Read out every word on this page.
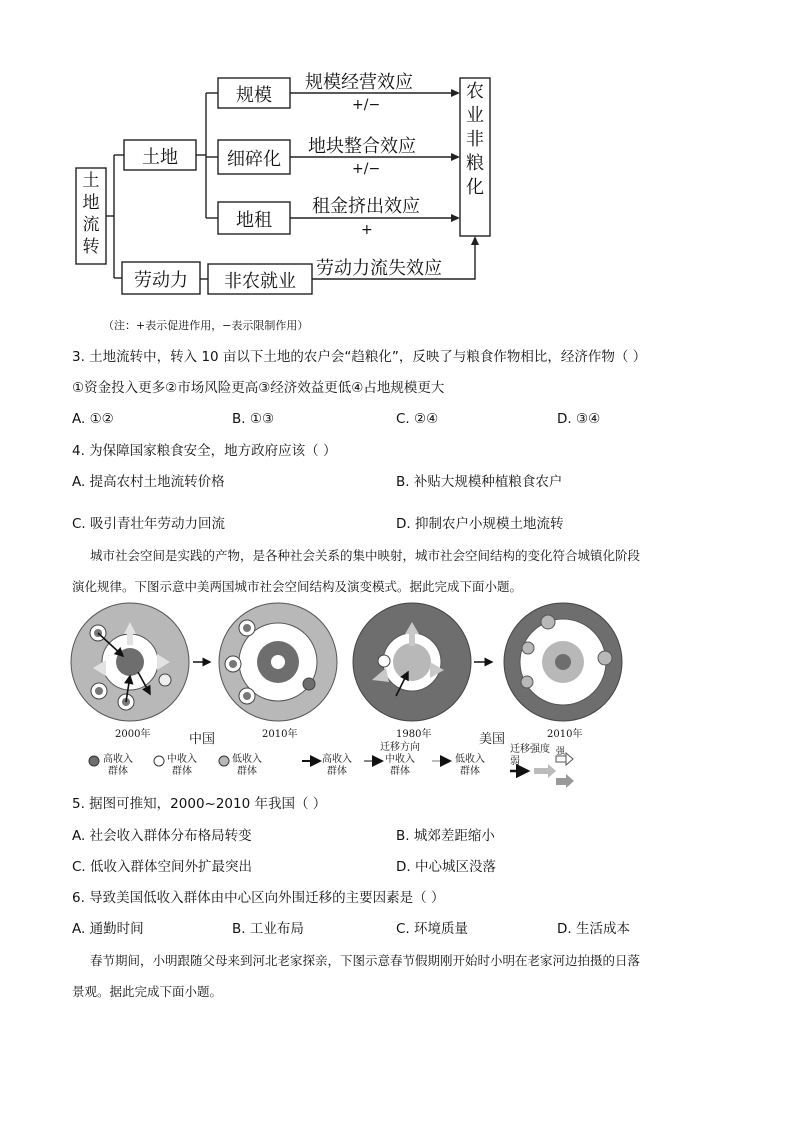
土地流转
土地
劳动力
规模
细碎化
地租
非农就业
规模经营效应
+/−
地块整合效应
+/−
租金挤出效应
+
劳动力流失效应
农业非粮化
（注：+表示促进作用，−表示限制作用）
3. 土地流转中，转入 10 亩以下土地的农户会“趋粮化”，反映了与粮食作物相比，经济作物（ ）
①资金投入更多②市场风险更高③经济效益更低④占地规模更大
A. ①②	B. ①③	C. ②④	D. ③④
4. 为保障国家粮食安全，地方政府应该（ ）
A. 提高农村土地流转价格	B. 补贴大规模种植粮食农户
C. 吸引青壮年劳动力回流	D. 抑制农户小规模土地流转
城市社会空间是实践的产物，是各种社会关系的集中映射，城市社会空间结构的变化符合城镇化阶段
演化规律。下图示意中美两国城市社会空间结构及演变模式。据此完成下面小题。
2000年	中国	2010年	1980年	美国	2010年
高收入
群体
中收入
群体
低收入
群体
高收入
群体
迁移方向
中收入
群体
低收入
群体
迁移强度
弱
强
5. 据图可推知，2000~2010 年我国（ ）
A. 社会收入群体分布格局转变	B. 城郊差距缩小
C. 低收入群体空间外扩最突出	D. 中心城区没落
6. 导致美国低收入群体由中心区向外围迁移的主要因素是（ ）
A. 通勤时间	B. 工业布局	C. 环境质量	D. 生活成本
春节期间，小明跟随父母来到河北老家探亲，下图示意春节假期刚开始时小明在老家河边拍摄的日落
景观。据此完成下面小题。
